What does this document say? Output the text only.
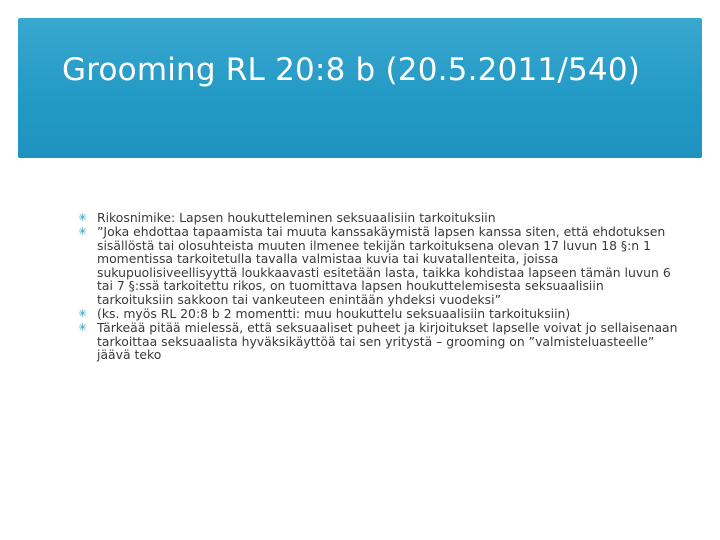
Grooming RL 20:8 b (20.5.2011/540)
✳ Rikosnimike: Lapsen houkutteleminen seksuaalisiin tarkoituksiin
✳ ”Joka ehdottaa tapaamista tai muuta kanssakäymistä lapsen kanssa siten, että ehdotuksen sisällöstä tai olosuhteista muuten ilmenee tekijän tarkoituksena olevan 17 luvun 18 §:n 1 momentissa tarkoitetulla tavalla valmistaa kuvia tai kuvatallenteita, joissa sukupuolisiveellisyyttä loukkaavasti esitetään lasta, taikka kohdistaa lapseen tämän luvun 6 tai 7 §:ssä tarkoitettu rikos, on tuomittava lapsen houkuttelemisesta seksuaalisiin tarkoituksiin sakkoon tai vankeuteen enintään yhdeksi vuodeksi”
✳ (ks. myös RL 20:8 b 2 momentti: muu houkuttelu seksuaalisiin tarkoituksiin)
✳ Tärkeää pitää mielessä, että seksuaaliset puheet ja kirjoitukset lapselle voivat jo sellaisenaan tarkoittaa seksuaalista hyväksikäyttöä tai sen yritystä – grooming on ”valmisteluasteelle” jäävä teko
